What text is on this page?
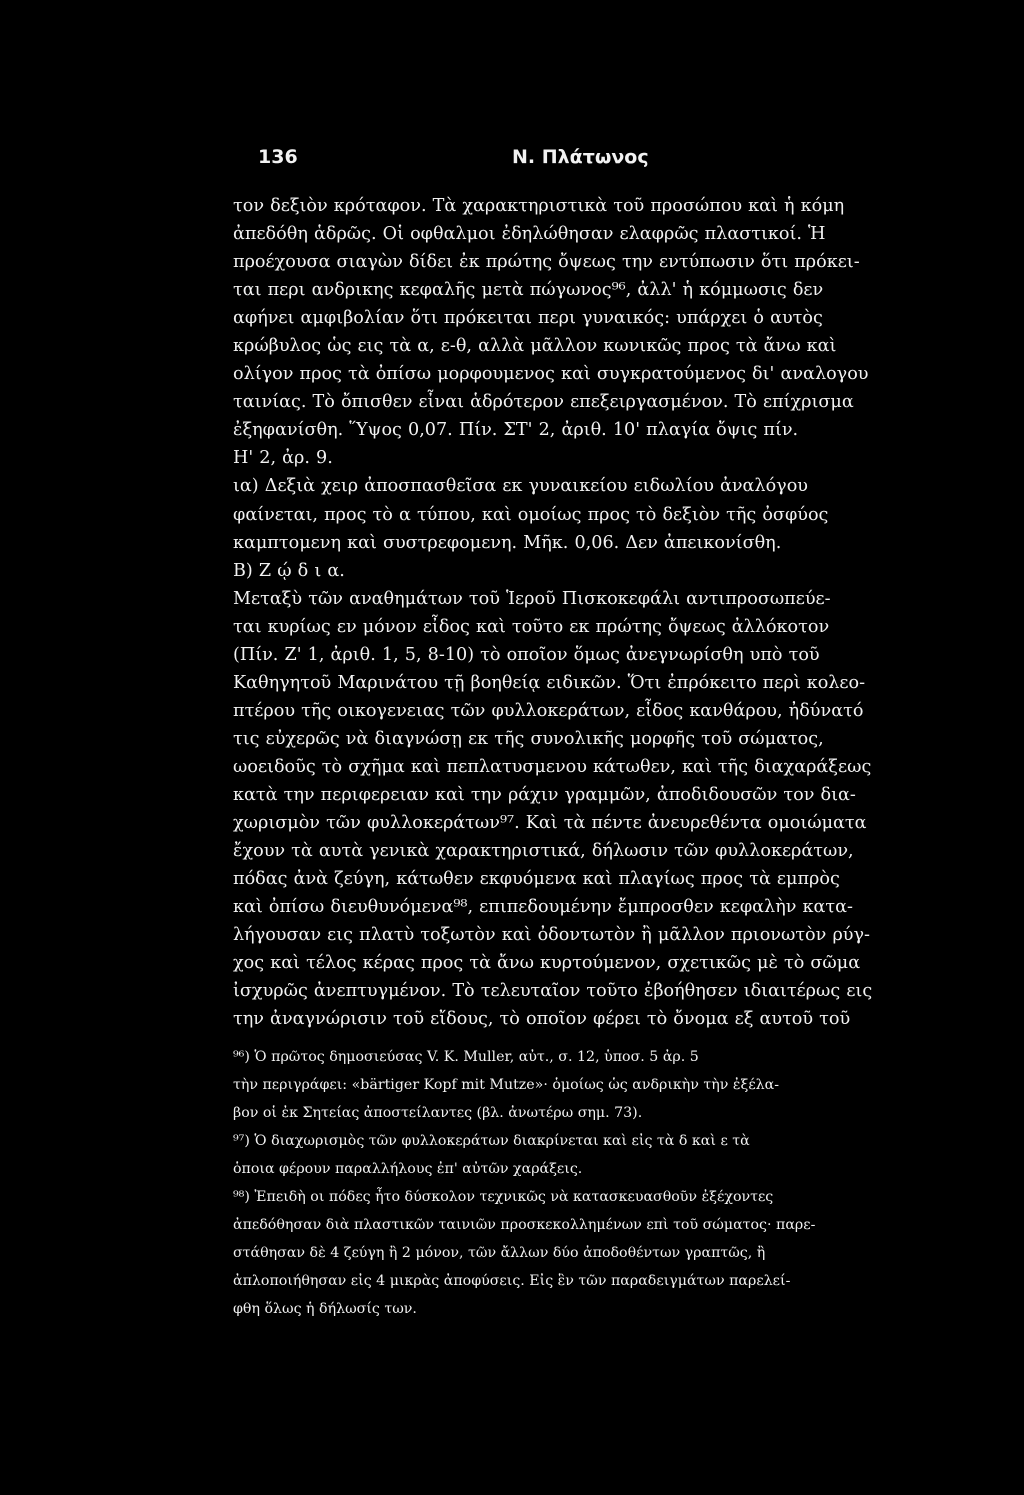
136	Ν. Πλάτωνος
τον δεξιὸν κρόταφον. Τὰ χαρακτηριστικὰ τοῦ προσώπου καὶ ἡ κόμη
ἀπεδόθη ἁδρῶς. Οἱ οφθαλμοι ἐδηλώθησαν ελαφρῶς πλαστικοί. Ἡ
προέχουσα σιαγὼν δίδει ἐκ πρώτης ὄψεως την εντύπωσιν ὅτι πρόκει-
ται περι ανδρικης κεφαλῆς μετὰ πώγωνος⁹⁶, ἀλλ' ἡ κόμμωσις δεν
αφήνει αμφιβολίαν ὅτι πρόκειται περι γυναικός: υπάρχει ὁ αυτὸς
κρώβυλος ὡς εις τὰ α, ε-θ, αλλὰ μᾶλλον κωνικῶς προς τὰ ἄνω καὶ
ολίγον προς τὰ ὀπίσω μορφουμενος καὶ συγκρατούμενος δι' αναλογου
ταινίας. Τὸ ὄπισθεν εἶναι ἁδρότερον επεξειργασμένον. Τὸ επίχρισμα
ἐξηφανίσθη. Ὕψος 0,07. Πίν. ΣΤ' 2, ἀριθ. 10' πλαγία ὄψις πίν.
Η' 2, ἀρ. 9.
ια) Δεξιὰ χειρ ἀποσπασθεῖσα εκ γυναικείου ειδωλίου ἀναλόγου
φαίνεται, προς τὸ α τύπου, καὶ ομοίως προς τὸ δεξιὸν τῆς ὀσφύος
καμπτομενη καὶ συστρεφομενη. Μῆκ. 0,06. Δεν ἀπεικονίσθη.
Β) Ζ ῴ δ ι α.
Μεταξὺ τῶν αναθημάτων τοῦ Ἱεροῦ Πισκοκεφάλι αντιπροσωπεύε-
ται κυρίως εν μόνον εἶδος καὶ τοῦτο εκ πρώτης ὄψεως ἀλλόκοτον
(Πίν. Ζ' 1, ἀριθ. 1, 5, 8-10) τὸ οποῖον ὅμως ἀνεγνωρίσθη υπὸ τοῦ
Καθηγητοῦ Μαρινάτου τῇ βοηθείᾳ ειδικῶν. Ὅτι ἐπρόκειτο περὶ κολεο-
πτέρου τῆς οικογενειας τῶν φυλλοκεράτων, εἶδος κανθάρου, ἠδύνατό
τις εὐχερῶς νὰ διαγνώσῃ εκ τῆς συνολικῆς μορφῆς τοῦ σώματος,
ωοειδοῦς τὸ σχῆμα καὶ πεπλατυσμενου κάτωθεν, καὶ τῆς διαχαράξεως
κατὰ την περιφερειαν καὶ την ράχιν γραμμῶν, ἀποδιδουσῶν τον δια-
χωρισμὸν τῶν φυλλοκεράτων⁹⁷. Καὶ τὰ πέντε ἀνευρεθέντα ομοιώματα
ἔχουν τὰ αυτὰ γενικὰ χαρακτηριστικά, δήλωσιν τῶν φυλλοκεράτων,
πόδας ἀνὰ ζεύγη, κάτωθεν εκφυόμενα καὶ πλαγίως προς τὰ εμπρὸς
καὶ ὀπίσω διευθυνόμενα⁹⁸, επιπεδουμένην ἔμπροσθεν κεφαλὴν κατα-
λήγουσαν εις πλατὺ τοξωτὸν καὶ ὀδοντωτὸν ἢ μᾶλλον πριονωτὸν ρύγ-
χος καὶ τέλος κέρας προς τὰ ἄνω κυρτούμενον, σχετικῶς μὲ τὸ σῶμα
ἰσχυρῶς ἀνεπτυγμένον. Τὸ τελευταῖον τοῦτο ἐβοήθησεν ιδιαιτέρως εις
την ἀναγνώρισιν τοῦ εἴδους, τὸ οποῖον φέρει τὸ ὄνομα εξ αυτοῦ τοῦ
⁹⁶) Ὁ πρῶτος δημοσιεύσας V. K. Muller, αὐτ., σ. 12, ὑποσ. 5 ἀρ. 5
τὴν περιγράφει: «bärtiger Kopf mit Mutze»· ὁμοίως ὡς ανδρικὴν τὴν ἐξέλα-
βον οἱ ἐκ Σητείας ἀποστείλαντες (βλ. ἀνωτέρω σημ. 73).
⁹⁷) Ὁ διαχωρισμὸς τῶν φυλλοκεράτων διακρίνεται καὶ εἰς τὰ δ καὶ ε τὰ
ὁποια φέρουν παραλλήλους ἐπ' αὐτῶν χαράξεις.
⁹⁸) Ἐπειδὴ οι πόδες ἦτο δύσκολον τεχνικῶς νὰ κατασκευασθοῦν ἐξέχοντες
ἀπεδόθησαν διὰ πλαστικῶν ταινιῶν προσκεκολλημένων επὶ τοῦ σώματος· παρε-
στάθησαν δὲ 4 ζεύγη ἢ 2 μόνον, τῶν ἄλλων δύο ἀποδοθέντων γραπτῶς, ἢ
ἀπλοποιήθησαν εἰς 4 μικρὰς ἀποφύσεις. Εἰς ἓν τῶν παραδειγμάτων παρελεί-
φθη ὅλως ἡ δήλωσίς των.
